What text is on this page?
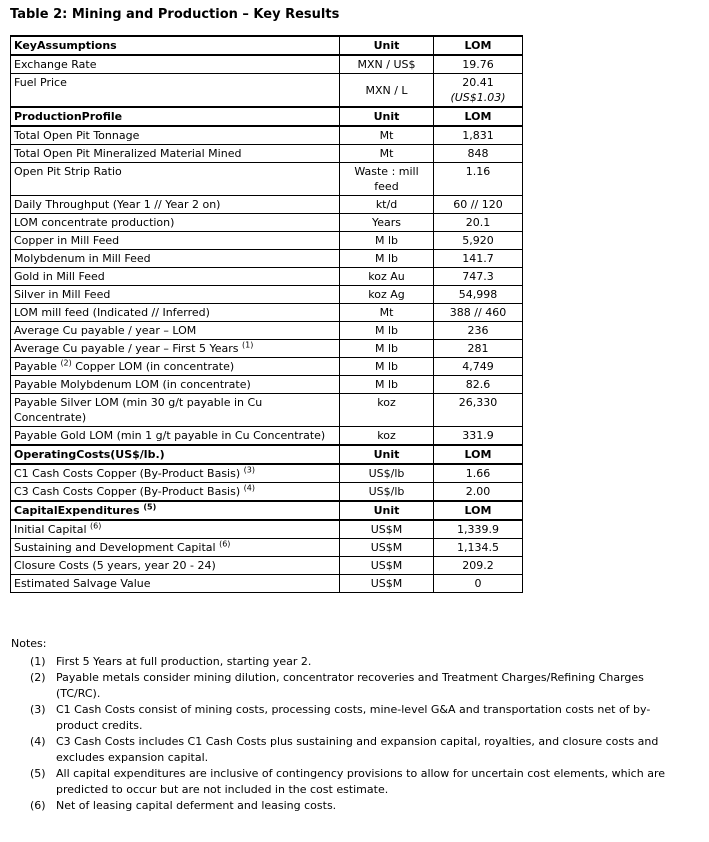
Table 2: Mining and Production – Key Results
KeyAssumptions	Unit	LOM
Exchange Rate	MXN / US$	19.76
Fuel Price	MXN / L	20.41
(US$1.03)
ProductionProfile	Unit	LOM
Total Open Pit Tonnage	Mt	1,831
Total Open Pit Mineralized Material Mined	Mt	848
Open Pit Strip Ratio	Waste : mill feed	1.16
Daily Throughput (Year 1 // Year 2 on)	kt/d	60 // 120
LOM concentrate production)	Years	20.1
Copper in Mill Feed	M lb	5,920
Molybdenum in Mill Feed	M lb	141.7
Gold in Mill Feed	koz Au	747.3
Silver in Mill Feed	koz Ag	54,998
LOM mill feed (Indicated // Inferred)	Mt	388 // 460
Average Cu payable / year – LOM	M lb	236
Average Cu payable / year – First 5 Years $^{(1)}$	M lb	281
Payable $^{(2)}$ Copper LOM (in concentrate)	M lb	4,749
Payable Molybdenum LOM (in concentrate)	M lb	82.6
Payable Silver LOM (min 30 g/t payable in Cu Concentrate)	koz	26,330
Payable Gold LOM (min 1 g/t payable in Cu Concentrate)	koz	331.9
OperatingCosts(US$/lb.)	Unit	LOM
C1 Cash Costs Copper (By-Product Basis) $^{(3)}$	US$/lb	1.66
C3 Cash Costs Copper (By-Product Basis) $^{(4)}$	US$/lb	2.00
CapitalExpenditures $^{(5)}$	Unit	LOM
Initial Capital $^{(6)}$	US$M	1,339.9
Sustaining and Development Capital $^{(6)}$	US$M	1,134.5
Closure Costs (5 years, year 20 - 24)	US$M	209.2
Estimated Salvage Value	US$M	0
Notes:
(1) First 5 Years at full production, starting year 2.
(2) Payable metals consider mining dilution, concentrator recoveries and Treatment Charges/Refining Charges (TC/RC).
(3) C1 Cash Costs consist of mining costs, processing costs, mine-level G&A and transportation costs net of by-product credits.
(4) C3 Cash Costs includes C1 Cash Costs plus sustaining and expansion capital, royalties, and closure costs and excludes expansion capital.
(5) All capital expenditures are inclusive of contingency provisions to allow for uncertain cost elements, which are predicted to occur but are not included in the cost estimate.
(6) Net of leasing capital deferment and leasing costs.
